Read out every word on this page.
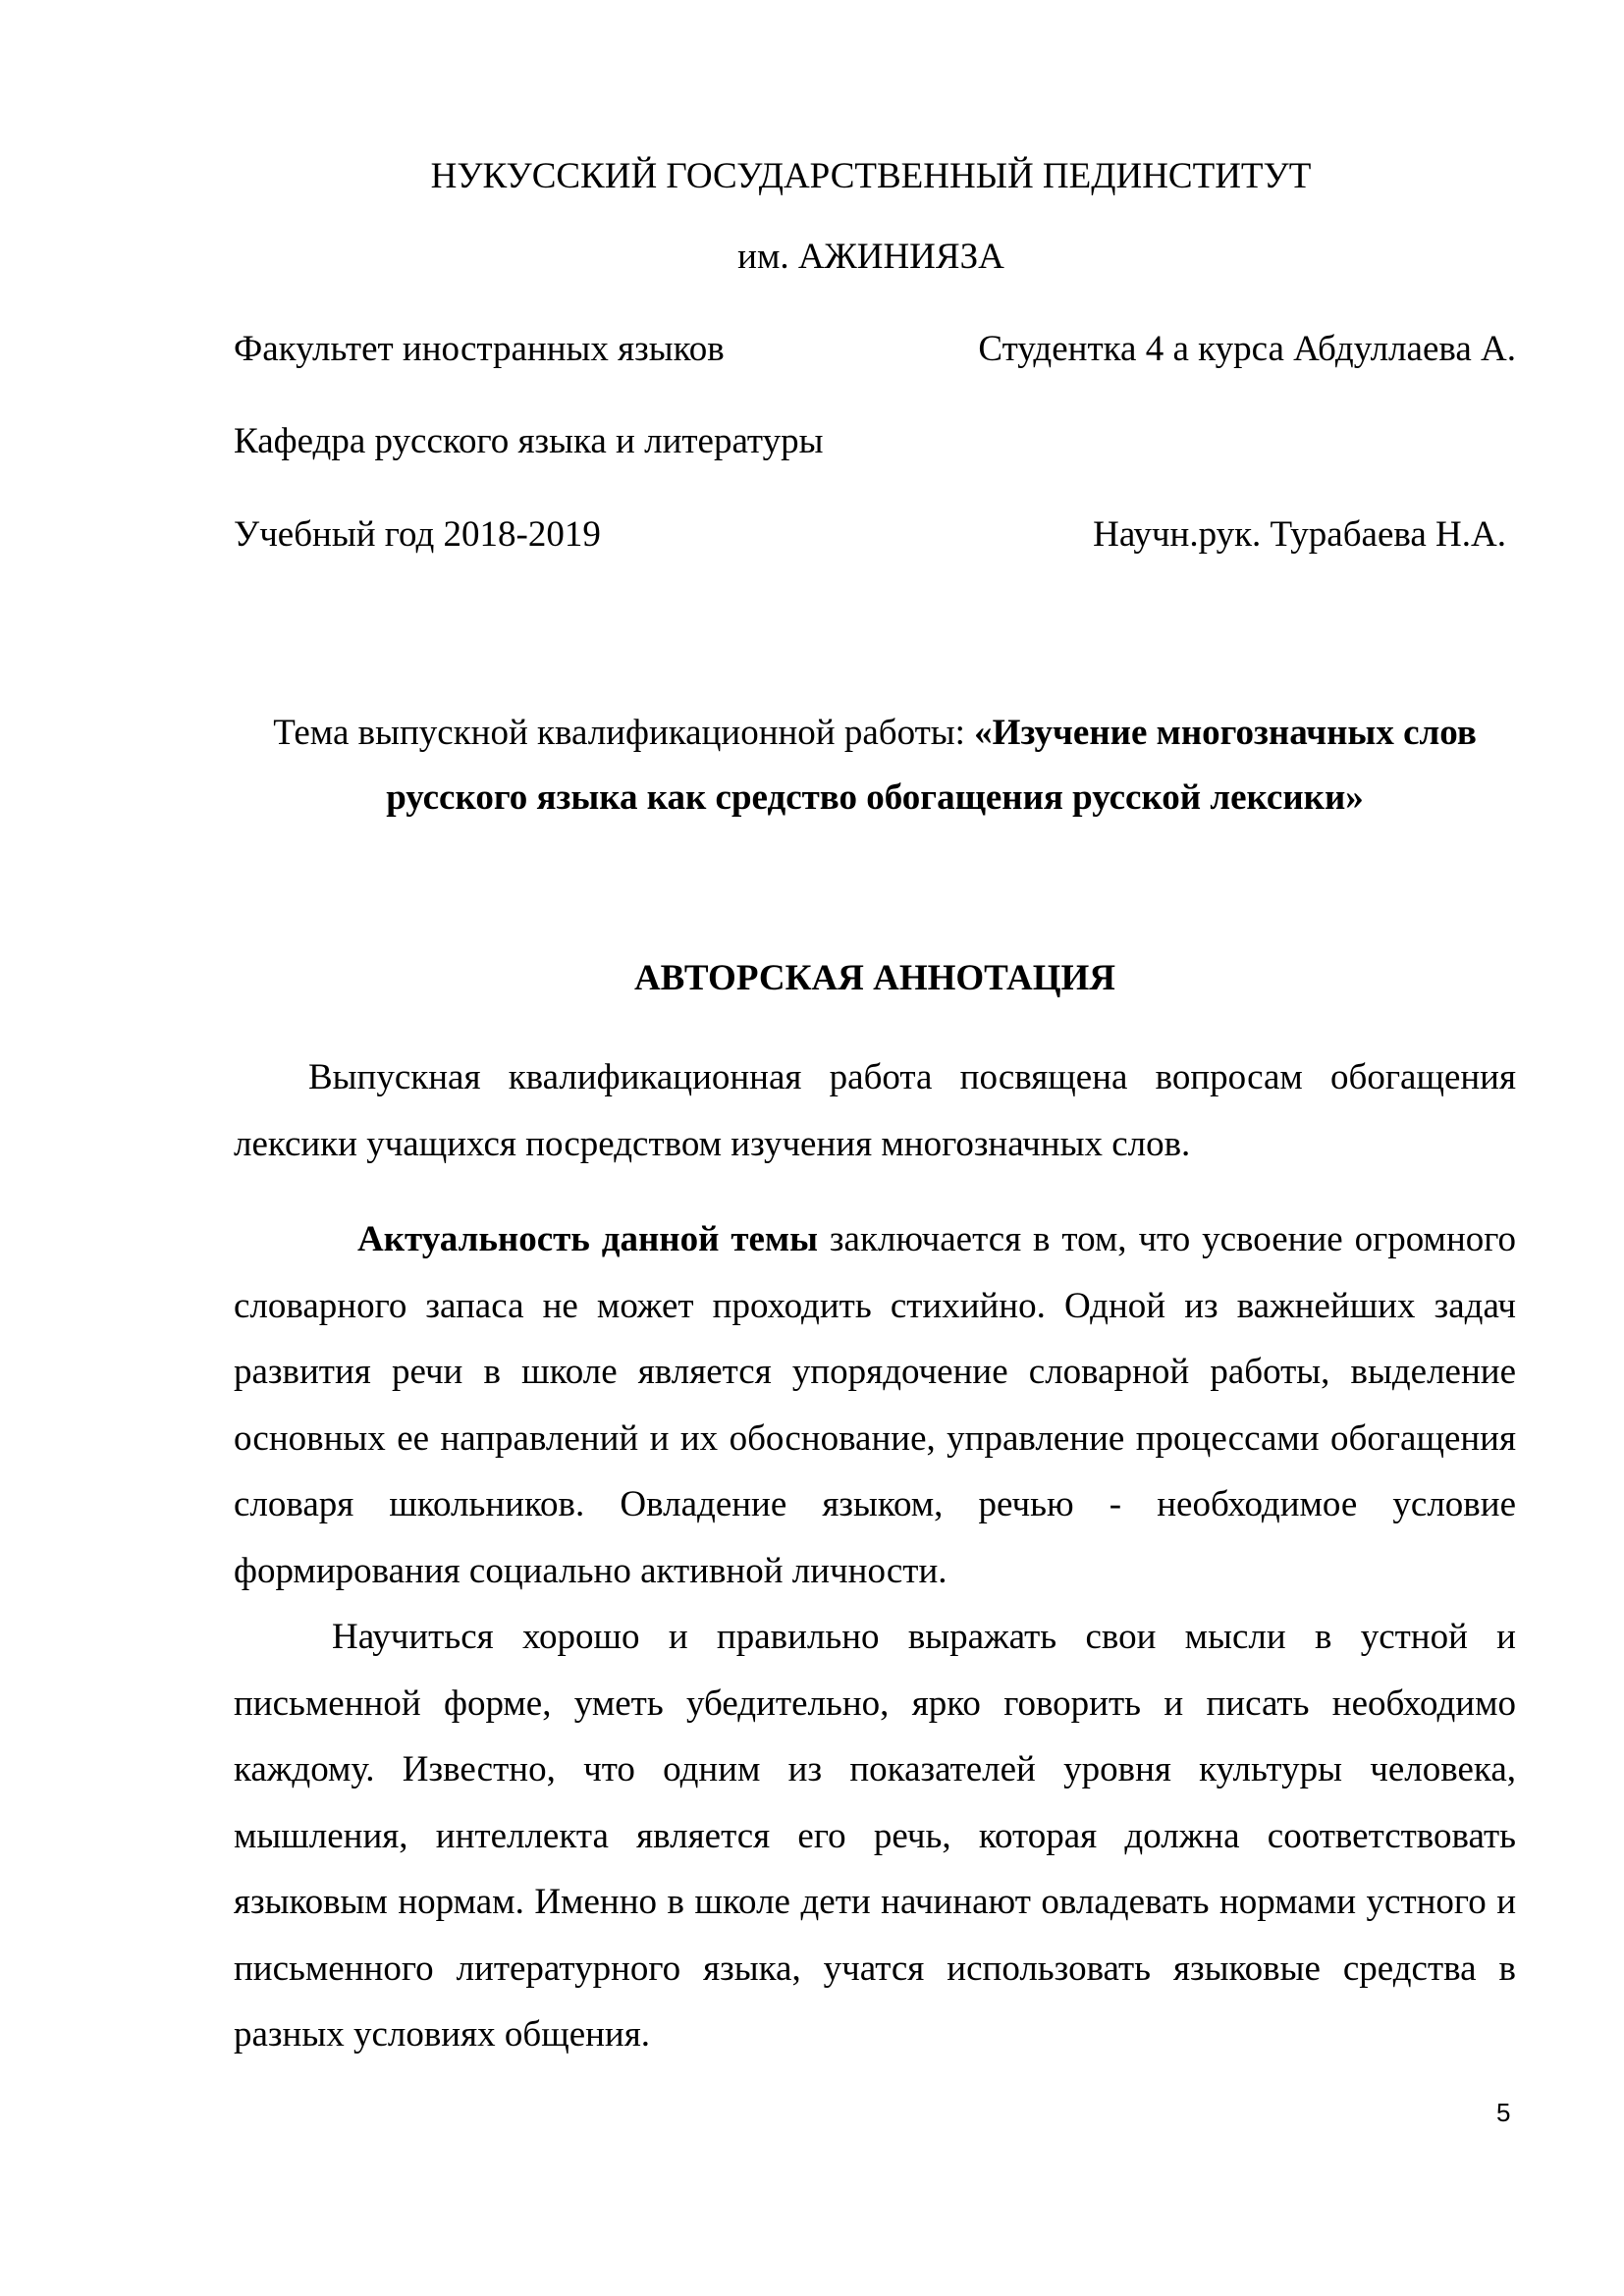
НУКУССКИЙ ГОСУДАРСТВЕННЫЙ ПЕДИНСТИТУТ
им. АЖИНИЯЗА
Факультет иностранных языков	Студентка 4 а курса Абдуллаева А.
Кафедра русского языка и литературы
Учебный год 2018-2019	Научн.рук. Турабаева Н.А.
Тема выпускной квалификационной работы: «Изучение многозначных слов русского языка как средство обогащения русской лексики»
АВТОРСКАЯ АННОТАЦИЯ
Выпускная квалификационная работа посвящена вопросам обогащения лексики учащихся посредством изучения многозначных слов.
Актуальность данной темы заключается в том, что усвоение огромного словарного запаса не может проходить стихийно. Одной из важнейших задач развития речи в школе является упорядочение словарной работы, выделение основных ее направлений и их обоснование, управление процессами обогащения словаря школьников. Овладение языком, речью - необходимое условие формирования социально активной личности.
Научиться хорошо и правильно выражать свои мысли в устной и письменной форме, уметь убедительно, ярко говорить и писать необходимо каждому. Известно, что одним из показателей уровня культуры человека, мышления, интеллекта является его речь, которая должна соответствовать языковым нормам. Именно в школе дети начинают овладевать нормами устного и письменного литературного языка, учатся использовать языковые средства в разных условиях общения.
5
